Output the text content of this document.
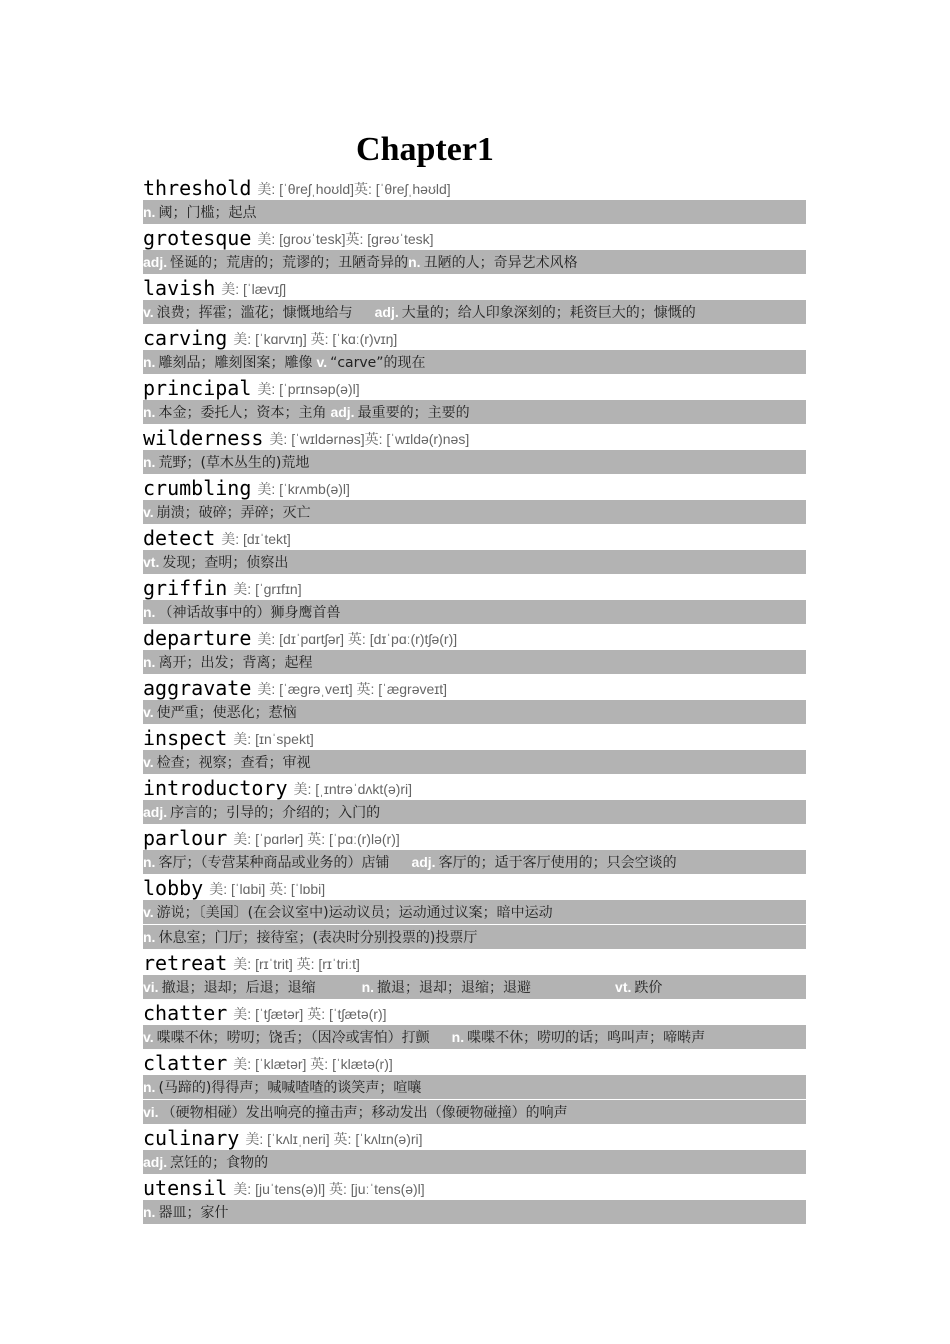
Chapter1
threshold 美: [ˈθreʃˌhoʊld]英: [ˈθreʃˌhəʊld]
n. 阈；门槛；起点
grotesque 美: [ɡroʊˈtesk]英: [ɡrəʊˈtesk]
adj. 怪诞的；荒唐的；荒谬的；丑陋奇异的 n. 丑陋的人；奇异艺术风格
lavish 美: [ˈlævɪʃ]
v. 浪费；挥霍；滥花；慷慨地给与 adj. 大量的；给人印象深刻的；耗资巨大的；慷慨的
carving 美: [ˈkɑrvɪŋ] 英: [ˈkɑː(r)vɪŋ]
n. 雕刻品；雕刻图案；雕像 v. “carve”的现在
principal 美: [ˈprɪnsəp(ə)l]
n. 本金；委托人；资本；主角 adj. 最重要的；主要的
wilderness 美: [ˈwɪldərnəs]英: [ˈwɪldə(r)nəs]
n. 荒野；(草木丛生的)荒地
crumbling 美: [ˈkrʌmb(ə)l]
v. 崩溃；破碎；弄碎；灭亡
detect 美: [dɪˈtekt]
vt. 发现；查明；侦察出
griffin 美: [ˈɡrɪfɪn]
n. （神话故事中的）狮身鹰首兽
departure 美: [dɪˈpɑrtʃər] 英: [dɪˈpɑː(r)tʃə(r)]
n. 离开；出发；背离；起程
aggravate 美: [ˈæɡrəˌveɪt] 英: [ˈæɡrəveɪt]
v. 使严重；使恶化；惹恼
inspect 美: [ɪnˈspekt]
v. 检查；视察；查看；审视
introductory 美: [ˌɪntrəˈdʌkt(ə)ri]
adj. 序言的；引导的；介绍的；入门的
parlour 美: [ˈpɑrlər] 英: [ˈpɑː(r)lə(r)]
n. 客厅；（专营某种商品或业务的）店铺 adj. 客厅的；适于客厅使用的；只会空谈的
lobby 美: [ˈlɑbi] 英: [ˈlɒbi]
v. 游说；〔美国〕(在会议室中)运动议员；运动通过议案；暗中运动
n. 休息室；门厅；接待室；(表决时分别投票的)投票厅
retreat 美: [rɪˈtrit] 英: [rɪˈtriːt]
vi. 撤退；退却；后退；退缩	n. 撤退；退却；退缩；退避	vt. 跌价
chatter 美: [ˈtʃætər] 英: [ˈtʃætə(r)]
v. 喋喋不休；唠叨；饶舌；（因冷或害怕）打颤 n. 喋喋不休；唠叨的话；鸣叫声；啼啭声
clatter 美: [ˈklætər] 英: [ˈklætə(r)]
n. (马蹄的)得得声；喊喊喳喳的谈笑声；喧嚷
vi. （硬物相碰）发出响亮的撞击声；移动发出（像硬物碰撞）的响声
culinary 美: [ˈkʌlɪˌneri] 英: [ˈkʌlɪn(ə)ri]
adj. 烹饪的；食物的
utensil 美: [juˈtens(ə)l] 英: [juːˈtens(ə)l]
n. 器皿；家什
